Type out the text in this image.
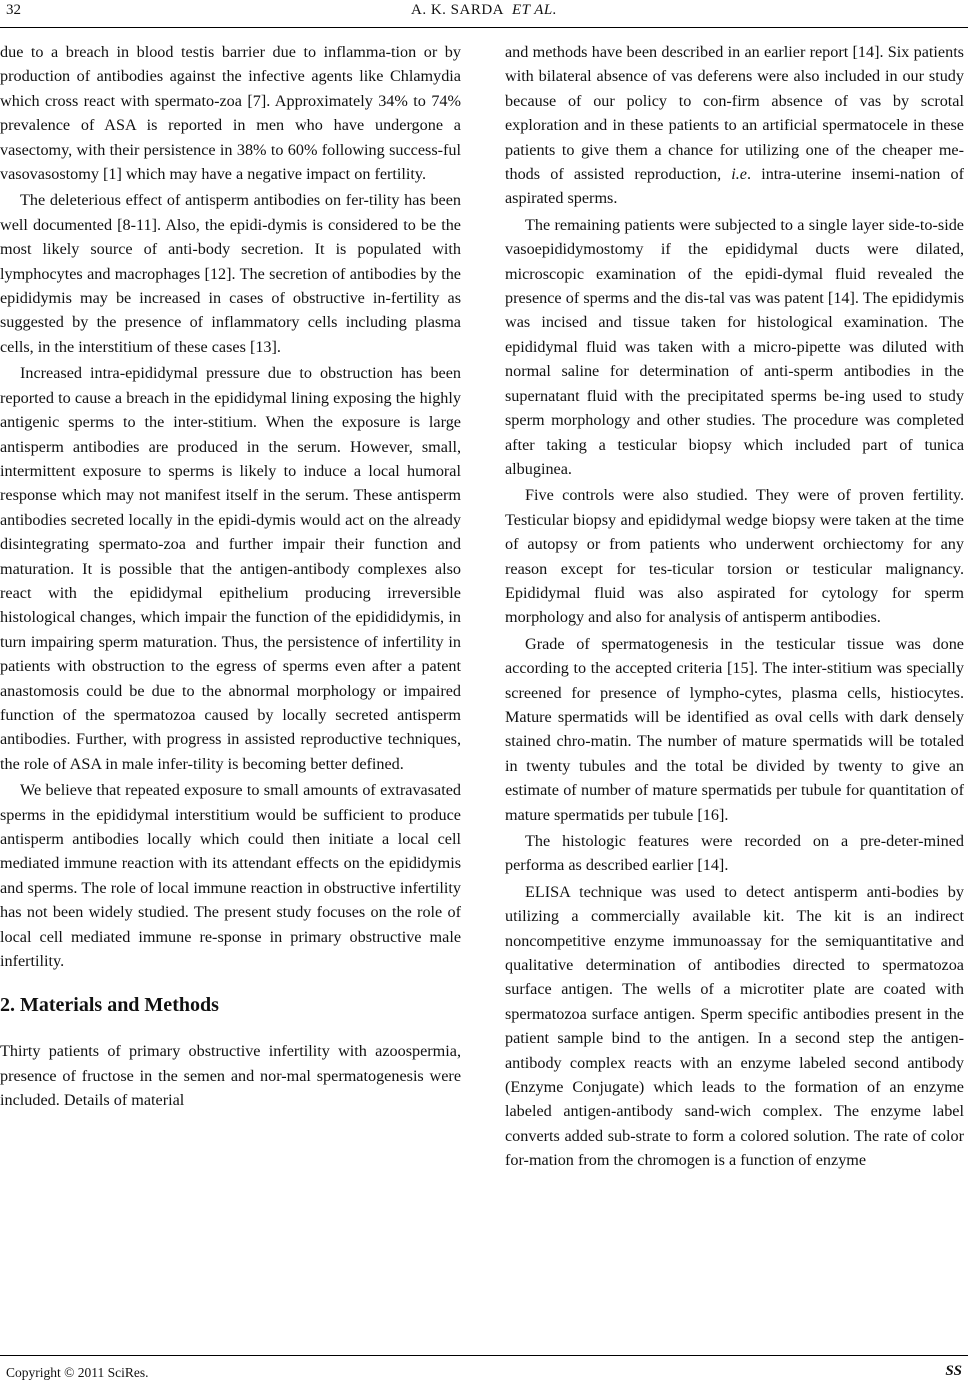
32	A. K. SARDA ET AL.

due to a breach in blood testis barrier due to inflamma-tion or by production of antibodies against the infective agents like Chlamydia which cross react with spermato-zoa [7]. Approximately 34% to 74% prevalence of ASA is reported in men who have undergone a vasectomy, with their persistence in 38% to 60% following success-ful vasovasostomy [1] which may have a negative impact on fertility.

The deleterious effect of antisperm antibodies on fer-tility has been well documented [8-11]. Also, the epidi-dymis is considered to be the most likely source of anti-body secretion. It is populated with lymphocytes and macrophages [12]. The secretion of antibodies by the epididymis may be increased in cases of obstructive in-fertility as suggested by the presence of inflammatory cells including plasma cells, in the interstitium of these cases [13].

Increased intra-epididymal pressure due to obstruction has been reported to cause a breach in the epididymal lining exposing the highly antigenic sperms to the inter-stitium. When the exposure is large antisperm antibodies are produced in the serum. However, small, intermittent exposure to sperms is likely to induce a local humoral response which may not manifest itself in the serum. These antisperm antibodies secreted locally in the epidi-dymis would act on the already disintegrating spermato-zoa and further impair their function and maturation. It is possible that the antigen-antibody complexes also react with the epididymal epithelium producing irreversible histological changes, which impair the function of the epidididymis, in turn impairing sperm maturation. Thus, the persistence of infertility in patients with obstruction to the egress of sperms even after a patent anastomosis could be due to the abnormal morphology or impaired function of the spermatozoa caused by locally secreted antisperm antibodies. Further, with progress in assisted reproductive techniques, the role of ASA in male infer-tility is becoming better defined.

We believe that repeated exposure to small amounts of extravasated sperms in the epididymal interstitium would be sufficient to produce antisperm antibodies locally which could then initiate a local cell mediated immune reaction with its attendant effects on the epididymis and sperms. The role of local immune reaction in obstructive infertility has not been widely studied. The present study focuses on the role of local cell mediated immune re-sponse in primary obstructive male infertility.

2. Materials and Methods

Thirty patients of primary obstructive infertility with azoospermia, presence of fructose in the semen and nor-mal spermatogenesis were included. Details of material

and methods have been described in an earlier report [14]. Six patients with bilateral absence of vas deferens were also included in our study because of our policy to con-firm absence of vas by scrotal exploration and in these patients to an artificial spermatocele in these patients to give them a chance for utilizing one of the cheaper me-thods of assisted reproduction, i.e. intra-uterine insemi-nation of aspirated sperms.

The remaining patients were subjected to a single layer side-to-side vasoepididymostomy if the epididymal ducts were dilated, microscopic examination of the epidi-dymal fluid revealed the presence of sperms and the dis-tal vas was patent [14]. The epididymis was incised and tissue taken for histological examination. The epididymal fluid was taken with a micro-pipette was diluted with normal saline for determination of anti-sperm antibodies in the supernatant fluid with the precipitated sperms be-ing used to study sperm morphology and other studies. The procedure was completed after taking a testicular biopsy which included part of tunica albuginea.

Five controls were also studied. They were of proven fertility. Testicular biopsy and epididymal wedge biopsy were taken at the time of autopsy or from patients who underwent orchiectomy for any reason except for tes-ticular torsion or testicular malignancy. Epididymal fluid was also aspirated for cytology for sperm morphology and also for analysis of antisperm antibodies.

Grade of spermatogenesis in the testicular tissue was done according to the accepted criteria [15]. The inter-stitium was specially screened for presence of lympho-cytes, plasma cells, histiocytes. Mature spermatids will be identified as oval cells with dark densely stained chro-matin. The number of mature spermatids will be totaled in twenty tubules and the total be divided by twenty to give an estimate of number of mature spermatids per tubule for quantitation of mature spermatids per tubule [16].

The histologic features were recorded on a pre-deter-mined performa as described earlier [14].

ELISA technique was used to detect antisperm anti-bodies by utilizing a commercially available kit. The kit is an indirect noncompetitive enzyme immunoassay for the semiquantitative and qualitative determination of antibodies directed to spermatozoa surface antigen. The wells of a microtiter plate are coated with spermatozoa surface antigen. Sperm specific antibodies present in the patient sample bind to the antigen. In a second step the antigen-antibody complex reacts with an enzyme labeled second antibody (Enzyme Conjugate) which leads to the formation of an enzyme labeled antigen-antibody sand-wich complex. The enzyme label converts added sub-strate to form a colored solution. The rate of color for-mation from the chromogen is a function of enzyme

Copyright © 2011 SciRes.	SS
